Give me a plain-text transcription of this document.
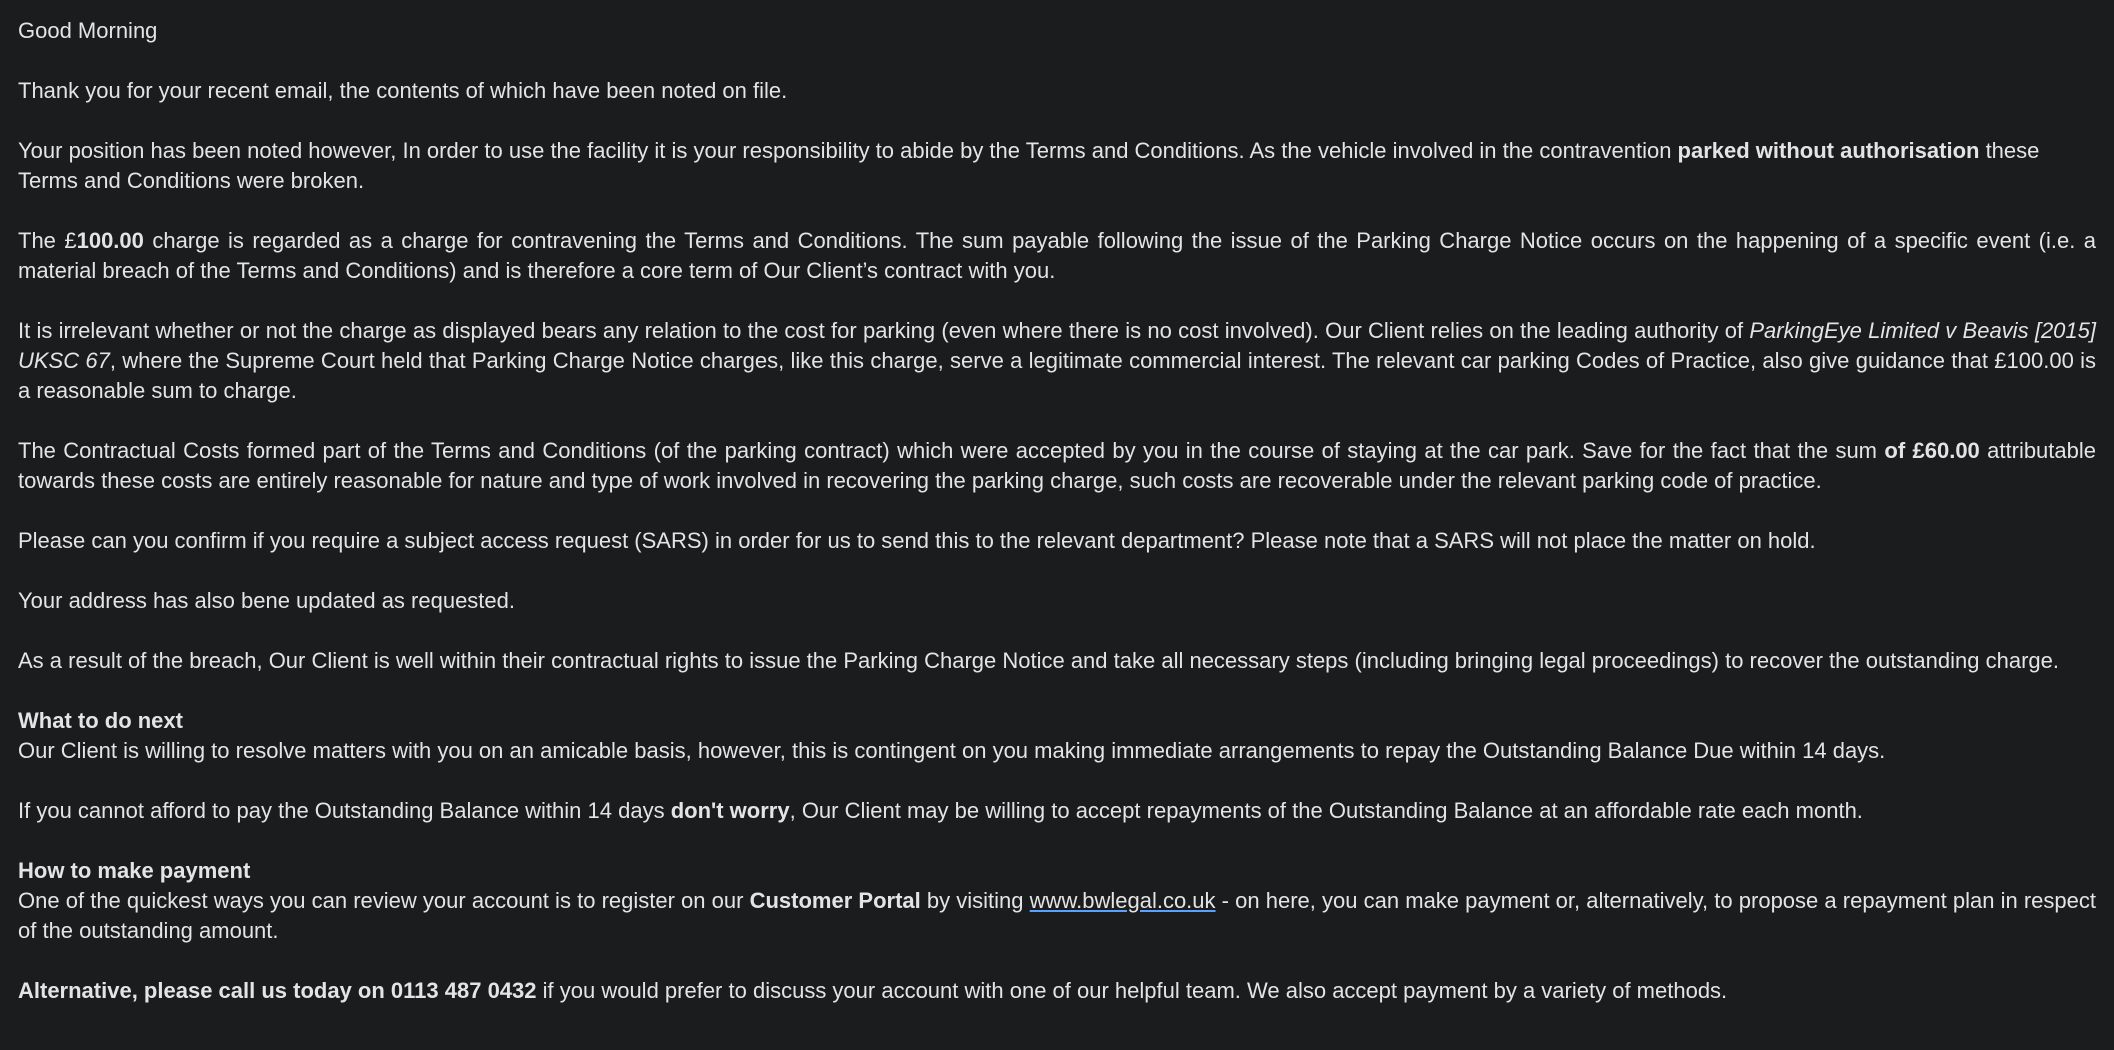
Good Morning

Thank you for your recent email, the contents of which have been noted on file.

Your position has been noted however, In order to use the facility it is your responsibility to abide by the Terms and Conditions. As the vehicle involved in the contravention parked without authorisation these Terms and Conditions were broken.

The £100.00 charge is regarded as a charge for contravening the Terms and Conditions. The sum payable following the issue of the Parking Charge Notice occurs on the happening of a specific event (i.e. a material breach of the Terms and Conditions) and is therefore a core term of Our Client’s contract with you.

It is irrelevant whether or not the charge as displayed bears any relation to the cost for parking (even where there is no cost involved). Our Client relies on the leading authority of ParkingEye Limited v Beavis [2015] UKSC 67, where the Supreme Court held that Parking Charge Notice charges, like this charge, serve a legitimate commercial interest. The relevant car parking Codes of Practice, also give guidance that £100.00 is a reasonable sum to charge.

The Contractual Costs formed part of the Terms and Conditions (of the parking contract) which were accepted by you in the course of staying at the car park. Save for the fact that the sum of £60.00 attributable towards these costs are entirely reasonable for nature and type of work involved in recovering the parking charge, such costs are recoverable under the relevant parking code of practice.

Please can you confirm if you require a subject access request (SARS) in order for us to send this to the relevant department? Please note that a SARS will not place the matter on hold.

Your address has also bene updated as requested.

As a result of the breach, Our Client is well within their contractual rights to issue the Parking Charge Notice and take all necessary steps (including bringing legal proceedings) to recover the outstanding charge.

What to do next
Our Client is willing to resolve matters with you on an amicable basis, however, this is contingent on you making immediate arrangements to repay the Outstanding Balance Due within 14 days.

If you cannot afford to pay the Outstanding Balance within 14 days don't worry, Our Client may be willing to accept repayments of the Outstanding Balance at an affordable rate each month.

How to make payment
One of the quickest ways you can review your account is to register on our Customer Portal by visiting www.bwlegal.co.uk - on here, you can make payment or, alternatively, to propose a repayment plan in respect of the outstanding amount.

Alternative, please call us today on 0113 487 0432 if you would prefer to discuss your account with one of our helpful team. We also accept payment by a variety of methods.
